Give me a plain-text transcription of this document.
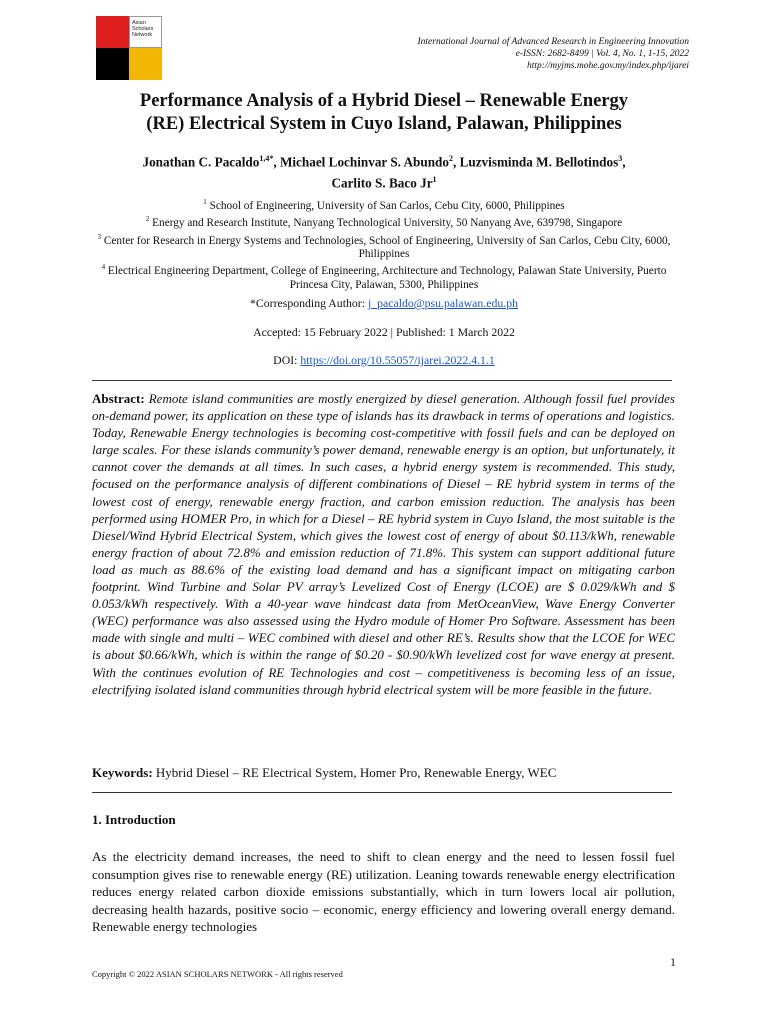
Asian
Scholars
Network
International Journal of Advanced Research in Engineering Innovation
e-ISSN: 2682-8499 | Vol. 4, No. 1, 1-15, 2022
http://myjms.mohe.gov.my/index.php/ijarei
Performance Analysis of a Hybrid Diesel – Renewable Energy
(RE) Electrical System in Cuyo Island, Palawan, Philippines
Jonathan C. Pacaldo$^{1,4*}$, Michael Lochinvar S. Abundo$^2$, Luzvisminda M. Bellotindos$^3$,
Carlito S. Baco Jr$^1$
$^1$ School of Engineering, University of San Carlos, Cebu City, 6000, Philippines
$^2$ Energy and Research Institute, Nanyang Technological University, 50 Nanyang Ave, 639798, Singapore
$^3$ Center for Research in Energy Systems and Technologies, School of Engineering, University of San Carlos, Cebu City, 6000, Philippines
$^4$ Electrical Engineering Department, College of Engineering, Architecture and Technology, Palawan State University, Puerto Princesa City, Palawan, 5300, Philippines
*Corresponding Author: j_pacaldo@psu.palawan.edu.ph
Accepted: 15 February 2022 | Published: 1 March 2022
DOI: https://doi.org/10.55057/ijarei.2022.4.1.1
Abstract: Remote island communities are mostly energized by diesel generation. Although fossil fuel provides on-demand power, its application on these type of islands has its drawback in terms of operations and logistics. Today, Renewable Energy technologies is becoming cost-competitive with fossil fuels and can be deployed on large scales. For these islands community’s power demand, renewable energy is an option, but unfortunately, it cannot cover the demands at all times. In such cases, a hybrid energy system is recommended. This study, focused on the performance analysis of different combinations of Diesel – RE hybrid system in terms of the lowest cost of energy, renewable energy fraction, and carbon emission reduction. The analysis has been performed using HOMER Pro, in which for a Diesel – RE hybrid system in Cuyo Island, the most suitable is the Diesel/Wind Hybrid Electrical System, which gives the lowest cost of energy of about $0.113/kWh, renewable energy fraction of about 72.8% and emission reduction of 71.8%. This system can support additional future load as much as 88.6% of the existing load demand and has a significant impact on mitigating carbon footprint. Wind Turbine and Solar PV array’s Levelized Cost of Energy (LCOE) are $ 0.029/kWh and $ 0.053/kWh respectively. With a 40-year wave hindcast data from MetOceanView, Wave Energy Converter (WEC) performance was also assessed using the Hydro module of Homer Pro Software. Assessment has been made with single and multi – WEC combined with diesel and other RE’s. Results show that the LCOE for WEC is about $0.66/kWh, which is within the range of $0.20 - $0.90/kWh levelized cost for wave energy at present. With the continues evolution of RE Technologies and cost – competitiveness is becoming less of an issue, electrifying isolated island communities through hybrid electrical system will be more feasible in the future.
Keywords: Hybrid Diesel – RE Electrical System, Homer Pro, Renewable Energy, WEC
1. Introduction
As the electricity demand increases, the need to shift to clean energy and the need to lessen fossil fuel consumption gives rise to renewable energy (RE) utilization. Leaning towards renewable energy electrification reduces energy related carbon dioxide emissions substantially, which in turn lowers local air pollution, decreasing health hazards, positive socio – economic, energy efficiency and lowering overall energy demand. Renewable energy technologies
1
Copyright © 2022 ASIAN SCHOLARS NETWORK - All rights reserved
